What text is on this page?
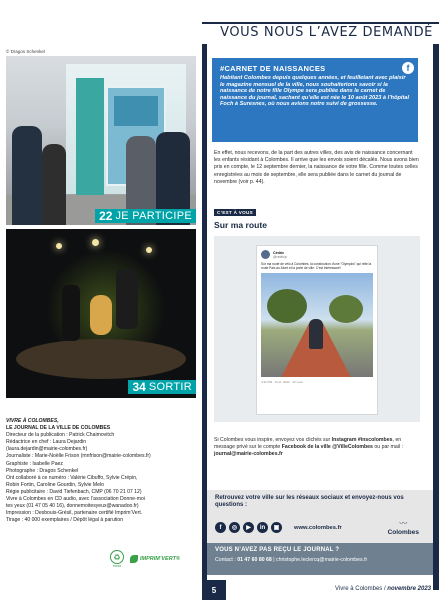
© Dragos Schenkel
22 JE PARTICIPE
34 SORTIR
VIVRE À COLOMBES,
LE JOURNAL DE LA VILLE DE COLOMBES
Directeur de la publication : Patrick Chaimovitch
Rédactrice en chef : Laura Dejardin
(laura.dejardin@mairie-colombes.fr)
Journaliste : Marie-Noëlle Frison (mnfrison@mairie-colombes.fr)
Graphiste : Isabelle Paez
Photographe : Dragos Schenkel
Ont collaboré à ce numéro : Valérie Cibuffo, Sylvie Crépin,
Robin Fortin, Caroline Gourdin, Sylvie Melo
Régie publicitaire : David Tiefenbach, CMP (06 70 21 07 12)
Vivre à Colombes en CD audio, avec l’association Donne-moi
tes yeux (01 47 05 40 16), donnemoitesyeux@wanadoo.fr)
Impression : Desbouis-Grésil, partenaire certifié Imprim’Vert.
Tirage : 40 000 exemplaires / Dépôt légal à parution
♻
écolo
IMPRIM’VERT®
VOUS NOUS L’AVEZ DEMANDÉ
f
#CARNET DE NAISSANCES

Habitant Colombes depuis quelques années, et feuilletant avec plaisir le magazine mensuel de la ville, nous souhaiterions savoir si la naissance de notre fille Olympe sera publiée dans le carnet de naissance du journal, sachant qu’elle est née le 10 août 2023 à l’hôpital Foch à Suresnes, où nous avions notre suivi de grossesse.

En effet, nous recevons, de la part des autres villes, des avis de naissance concernant les enfants résidant à Colombes. Il arrive que les envois soient décalés. Nous avons bien pris en compte, le 12 septembre dernier, la naissance de votre fille. Comme toutes celles enregistrées au mois de septembre, elle sera publiée dans le carnet du journal de novembre (voir p. 44).
C’EST À VOUS
Sur ma route
Cédric
@cedricjv
Sur ma route de vélo à Colombes, la construction d’une "Olympics" qui relie la route Paix-du-Mont et la porte de ville. C’est intéressant !
4:32 PM · 8 oct. 2023 · 12 vues
Si Colombes vous inspire, envoyez vos clichés sur Instagram #inscolombes, en message privé sur le compte Facebook de la ville @VilleColombes ou par mail : journal@mairie-colombes.fr
Retrouvez votre ville sur les réseaux sociaux et envoyez-nous vos questions :
f	◎	▶	in	▣	www.colombes.fr	〰
Colombes
VOUS N’AVEZ PAS REÇU LE JOURNAL ?
Contact : 01 47 60 80 68 | christophe.leclercq@mairie-colombes.fr
5	Vivre à Colombes / novembre 2023
